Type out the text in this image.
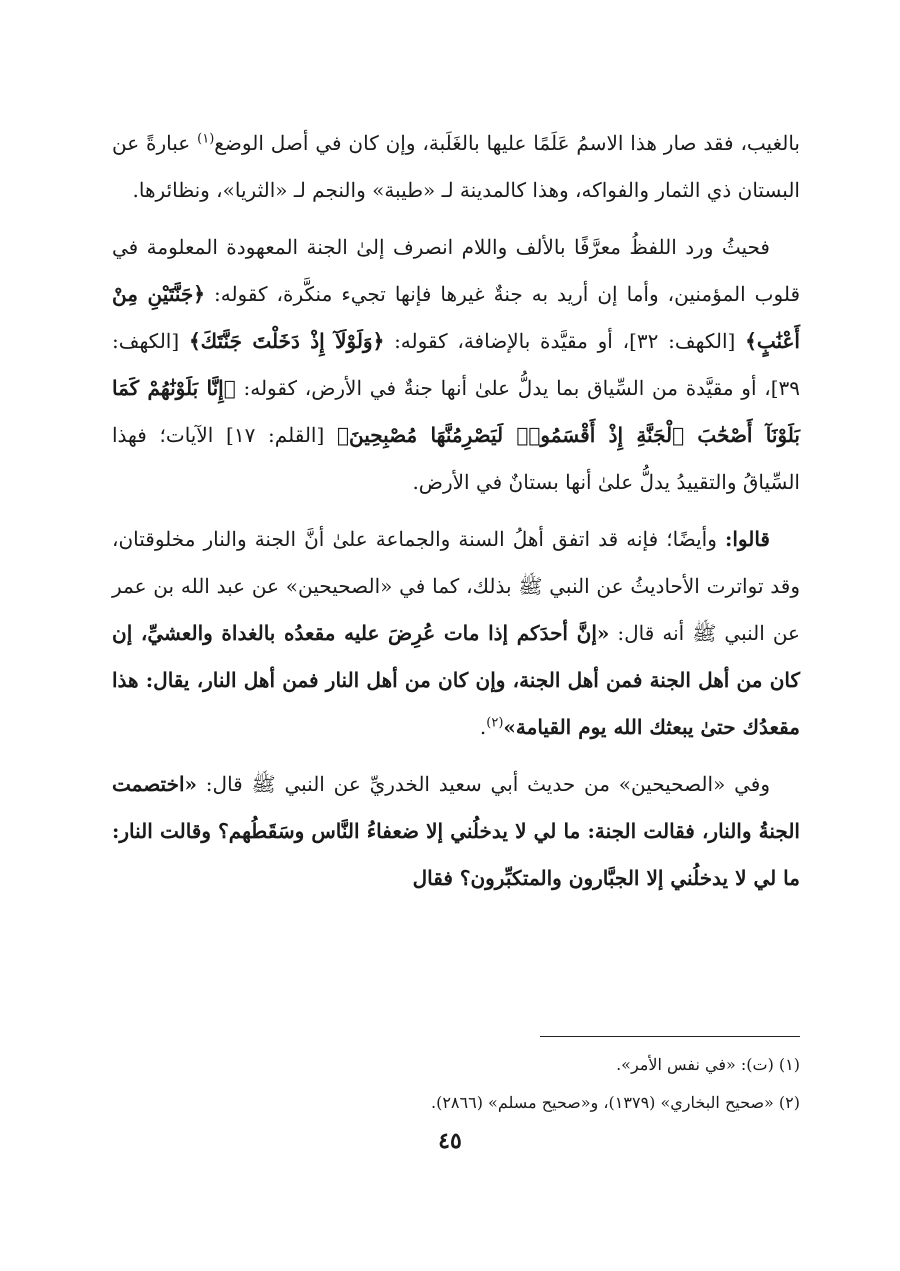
بالغيب، فقد صار هذا الاسمُ عَلَمًا عليها بالغَلَبة، وإن كان في أصل الوضع$^{(١)}$ عبارةً عن البستان ذي الثمار والفواكه، وهذا كالمدينة لـ «طيبة» والنجم لـ «الثريا»، ونظائرها.

فحيثُ ورد اللفظُ معرَّفًا بالألف واللام انصرف إلىٰ الجنة المعهودة المعلومة في قلوب المؤمنين، وأما إن أريد به جنةٌ غيرها فإنها تجيء منكَّرة، كقوله: ﴿جَنَّتَيْنِ مِنْ أَعْنَٰبٍ﴾ [الكهف: ٣٢]، أو مقيَّدة بالإضافة، كقوله: ﴿وَلَوْلَآ إِذْ دَخَلْتَ جَنَّتَكَ﴾ [الكهف: ٣٩]، أو مقيَّدة من السِّياق بما يدلُّ علىٰ أنها جنةٌ في الأرض، كقوله: ﴿إِنَّا بَلَوْنَٰهُمْ كَمَا بَلَوْنَآ أَصْحَٰبَ ٱلْجَنَّةِ إِذْ أَقْسَمُوا۟ لَيَصْرِمُنَّهَا مُصْبِحِينَ﴾ [القلم: ١٧] الآيات؛ فهذا السِّياقُ والتقييدُ يدلُّ علىٰ أنها بستانٌ في الأرض.

قالوا: وأيضًا؛ فإنه قد اتفق أهلُ السنة والجماعة علىٰ أنَّ الجنة والنار مخلوقتان، وقد تواترت الأحاديثُ عن النبي ﷺ بذلك، كما في «الصحيحين» عن عبد الله بن عمر عن النبي ﷺ أنه قال: «إنَّ أحدَكم إذا مات عُرِضَ عليه مقعدُه بالغداة والعشيِّ، إن كان من أهل الجنة فمن أهل الجنة، وإن كان من أهل النار فمن أهل النار، يقال: هذا مقعدُك حتىٰ يبعثك الله يوم القيامة»$^{(٢)}$.

وفي «الصحيحين» من حديث أبي سعيد الخدريِّ عن النبي ﷺ قال: «اختصمت الجنةُ والنار، فقالت الجنة: ما لي لا يدخلُني إلا ضعفاءُ النَّاس وسَقَطُهم؟ وقالت النار: ما لي لا يدخلُني إلا الجبَّارون والمتكبِّرون؟ فقال

(١) (ت): «في نفس الأمر».

(٢) «صحيح البخاري» (١٣٧٩)، و«صحيح مسلم» (٢٨٦٦).

٤٥
